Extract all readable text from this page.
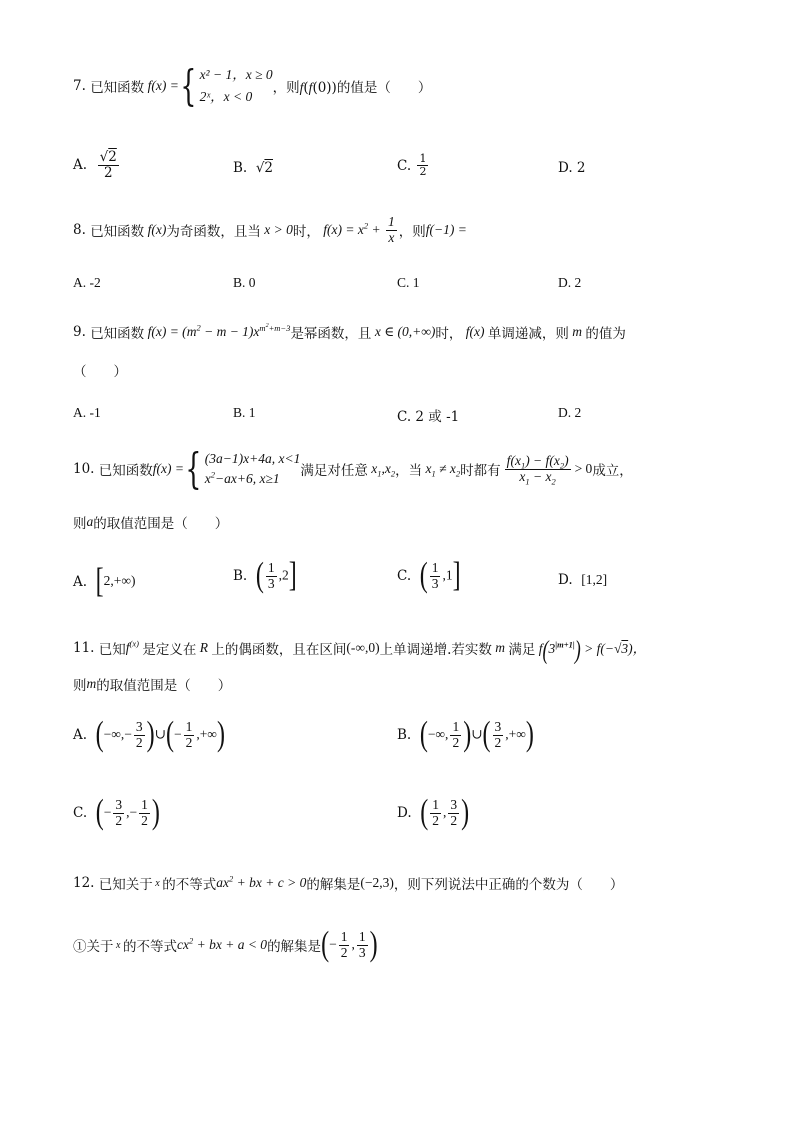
7.
已知函数 f(x) = { x² − 1，x ≥ 0
2ˣ，x < 0
，则f(f(0)) 的值是（　　）
A.
$\frac{√2}{2}$	B.
√2	C.
$\frac{1}{2}$	D. 2
8.
已知函数 f(x) 为奇函数，且当 x > 0 时， $f(x) = x^2 + \frac{1}{x}$ ，则 f(−1) =
A. -2	B. 0	C. 1	D. 2
9.
已知函数 $f(x) = (m^2 - m - 1)x^{m^2+m-3}$ 是幂函数，且 x ∈ (0,+∞) 时， f(x) 单调递减，则 m 的值为
（　　）
A. -1	B. 1	C. 2 或 -1	D. 2
10.
已知函数 f(x) = { (3a−1)x+4a, x<1
$x^2-ax+6$, x≥1	满足对任意 $x_1,x_2$ ，当 $x_1 \ne x_2$ 时都有 $\frac{f(x_1) - f(x_2)}{x_1 - x_2} > 0$ 成立，
则 a 的取值范围是（　　）
A.
[2,+∞)	B.
( $\frac{1}{3} ,2$]	C.
( $\frac{1}{3} ,1$]	D.
[1,2]
11.
已知 $f^{(x)}$ 是定义在 R 上的偶函数，且在区间 (-∞,0) 上单调递增.若实数 m 满足 $f(3^{|m+1|}) > f(-√3)$，
则 m 的取值范围是（　　）
A.
(−∞,− $\frac{3}{2}$ )∪(− $\frac{1}{2}$ ,+∞)	B.
(−∞, $\frac{1}{2}$ )∪( $\frac{3}{2}$ ,+∞)
C.
(− $\frac{3}{2}$ ,− $\frac{1}{2}$ )	D.
( $\frac{1}{2}$ , $\frac{3}{2}$ )
12.
已知关于 x 的不等式 $ax^2$ + bx + c > 0 的解集是 (−2,3) ，则下列说法中正确的个数为（　　）
①关于 x 的不等式 $cx^2$ + bx + a < 0 的解集是 (− $\frac{1}{2}$ , $\frac{1}{3}$ )
